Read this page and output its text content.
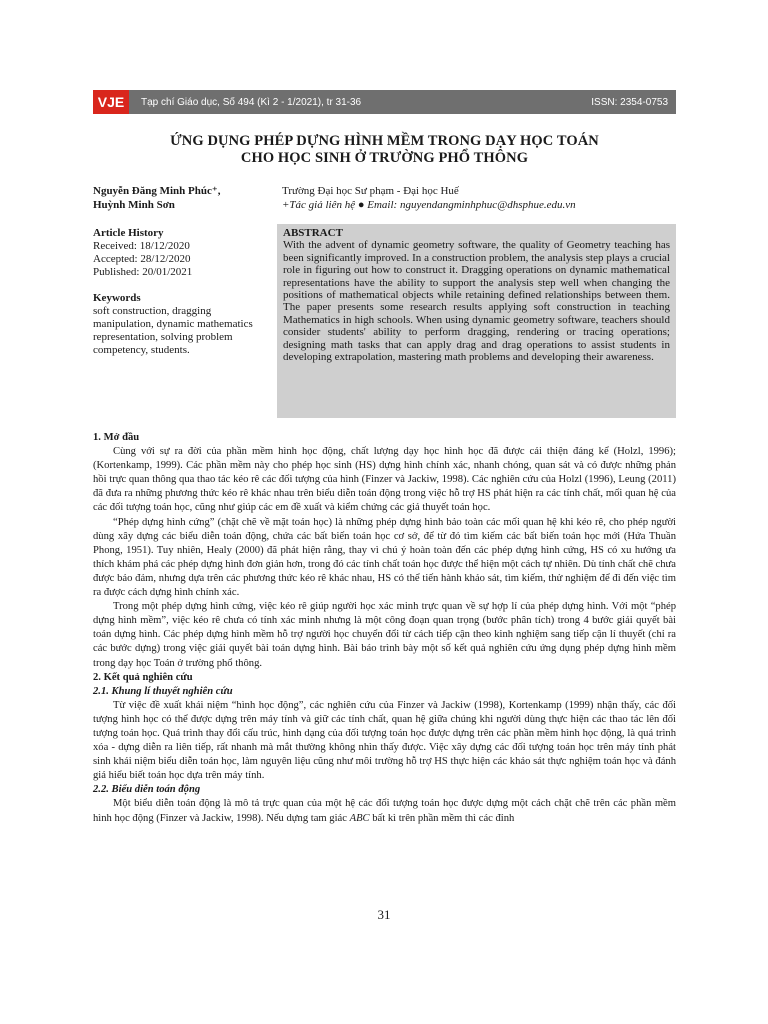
VJE	Tạp chí Giáo dục, Số 494 (Kì 2 - 1/2021), tr 31-36	ISSN: 2354-0753
ỨNG DỤNG PHÉP DỰNG HÌNH MỀM TRONG DẠY HỌC TOÁN
CHO HỌC SINH Ở TRƯỜNG PHỔ THÔNG
Nguyễn Đăng Minh Phúc⁺,
Huỳnh Minh Sơn
Trường Đại học Sư phạm - Đại học Huế
+Tác giả liên hệ ● Email: nguyendangminhphuc@dhsphue.edu.vn
Article History
Received: 18/12/2020
Accepted: 28/12/2020
Published: 20/01/2021
Keywords
soft construction, dragging manipulation, dynamic mathematics representation, solving problem competency, students.
ABSTRACT
With the advent of dynamic geometry software, the quality of Geometry teaching has been significantly improved. In a construction problem, the analysis step plays a crucial role in figuring out how to construct it. Dragging operations on dynamic mathematical representations have the ability to support the analysis step well when changing the positions of mathematical objects while retaining defined relationships between them. The paper presents some research results applying soft construction in teaching Mathematics in high schools. When using dynamic geometry software, teachers should consider students' ability to perform dragging, rendering or tracing operations; designing math tasks that can apply drag and drag operations to assist students in developing extrapolation, mastering math problems and developing their awareness.

1. Mở đầu

Cùng với sự ra đời của phần mềm hình học động, chất lượng dạy học hình học đã được cải thiện đáng kể (Holzl, 1996); (Kortenkamp, 1999). Các phần mềm này cho phép học sinh (HS) dựng hình chính xác, nhanh chóng, quan sát và có được những phản hồi trực quan thông qua thao tác kéo rê các đối tượng của hình (Finzer và Jackiw, 1998). Các nghiên cứu của Holzl (1996), Leung (2011) đã đưa ra những phương thức kéo rê khác nhau trên biểu diễn toán động trong việc hỗ trợ HS phát hiện ra các tính chất, mối quan hệ của các đối tượng toán học, cũng như giúp các em đề xuất và kiểm chứng các giả thuyết toán học.

“Phép dựng hình cứng” (chặt chẽ về mặt toán học) là những phép dựng hình bảo toàn các mối quan hệ khi kéo rê, cho phép người dùng xây dựng các biểu diễn toán động, chứa các bất biến toán học cơ sở, để từ đó tìm kiếm các bất biến toán học mới (Hứa Thuần Phong, 1951). Tuy nhiên, Healy (2000) đã phát hiện rằng, thay vì chú ý hoàn toàn đến các phép dựng hình cứng, HS có xu hướng ưa thích khám phá các phép dựng hình đơn giản hơn, trong đó các tính chất toán học được thể hiện một cách tự nhiên. Dù tính chất chẽ chưa được bảo đảm, nhưng dựa trên các phương thức kéo rê khác nhau, HS có thể tiến hành khảo sát, tìm kiếm, thử nghiệm để đi đến việc tìm ra được cách dựng hình chính xác.

Trong một phép dựng hình cứng, việc kéo rê giúp người học xác minh trực quan về sự hợp lí của phép dựng hình. Với một “phép dựng hình mềm”, việc kéo rê chưa có tính xác minh nhưng là một công đoạn quan trọng (bước phân tích) trong 4 bước giải quyết bài toán dựng hình. Các phép dựng hình mềm hỗ trợ người học chuyển đổi từ cách tiếp cận theo kinh nghiệm sang tiếp cận lí thuyết (chỉ ra các bước dựng) trong việc giải quyết bài toán dựng hình. Bài báo trình bày một số kết quả nghiên cứu ứng dụng phép dựng hình mềm trong dạy học Toán ở trường phổ thông.

2. Kết quả nghiên cứu

2.1. Khung lí thuyết nghiên cứu

Từ việc đề xuất khái niệm “hình học động”, các nghiên cứu của Finzer và Jackiw (1998), Kortenkamp (1999) nhận thấy, các đối tượng hình học có thể được dựng trên máy tính và giữ các tính chất, quan hệ giữa chúng khi người dùng thực hiện các thao tác lên đối tượng toán học. Quá trình thay đổi cấu trúc, hình dạng của đối tượng toán học được dựng trên các phần mềm hình học động, là quá trình xóa - dựng diễn ra liên tiếp, rất nhanh mà mắt thường không nhìn thấy được. Việc xây dựng các đối tượng toán học trên máy tính phát sinh khái niệm biểu diễn toán học, làm nguyên liệu cũng như môi trường hỗ trợ HS thực hiện các khảo sát thực nghiệm toán học và đánh giá hiểu biết toán học dựa trên máy tính.

2.2. Biểu diễn toán động

Một biểu diễn toán động là mô tả trực quan của một hệ các đối tượng toán học được dựng một cách chặt chẽ trên các phần mềm hình học động (Finzer và Jackiw, 1998). Nếu dựng tam giác ABC bất kì trên phần mềm thì các đỉnh

31
